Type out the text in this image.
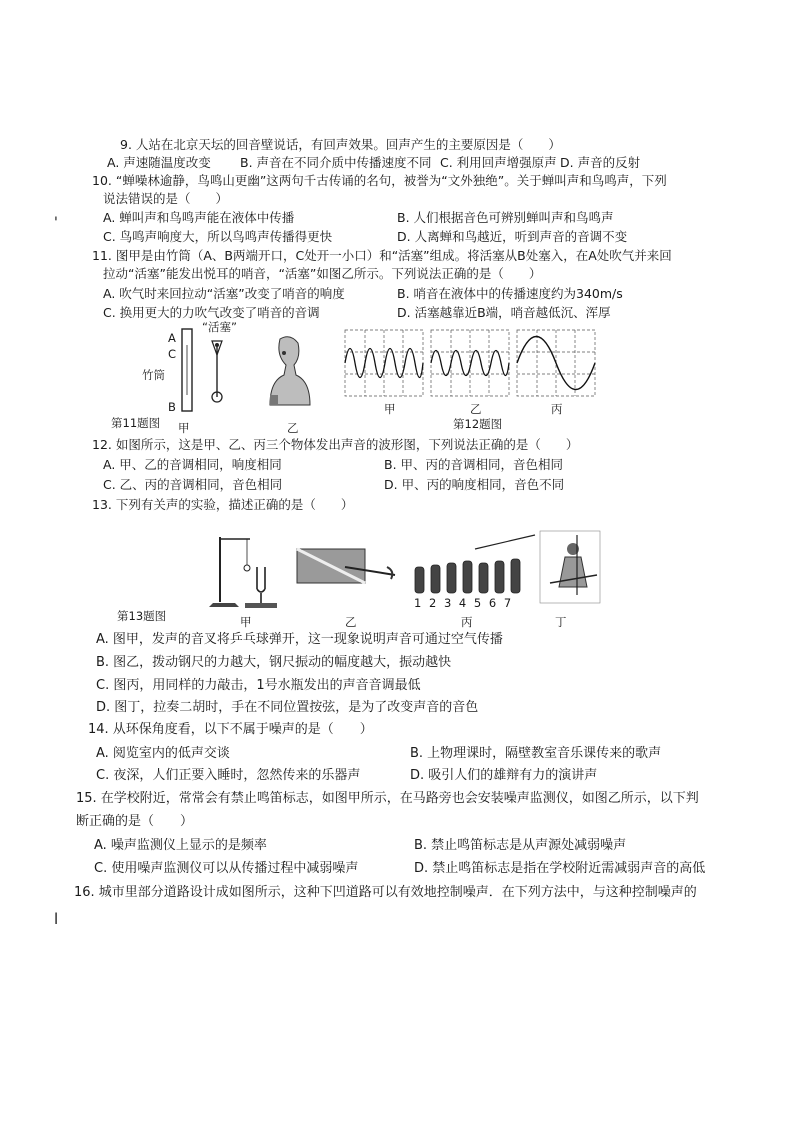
9. 人站在北京天坛的回音壁说话，有回声效果。回声产生的主要原因是（　　）
A. 声速随温度改变 B. 声音在不同介质中传播速度不同 C. 利用回声增强原声 D. 声音的反射
10. “蝉噪林逾静，鸟鸣山更幽”这两句千古传诵的名句，被誉为“文外独绝”。关于蝉叫声和鸟鸣声，下列
说法错误的是（　　）
A. 蝉叫声和鸟鸣声能在液体中传播	B. 人们根据音色可辨别蝉叫声和鸟鸣声
C. 鸟鸣声响度大，所以鸟鸣声传播得更快	D. 人离蝉和鸟越近，听到声音的音调不变
'
11. 图甲是由竹筒（A、B两端开口，C处开一小口）和“活塞”组成。将活塞从B处塞入，在A处吹气并来回
拉动“活塞”能发出悦耳的哨音，“活塞”如图乙所示。下列说法正确的是（　　）
A. 吹气时来回拉动“活塞”改变了哨音的响度	B. 哨音在液体中的传播速度约为340m/s
C. 换用更大的力吹气改变了哨音的音调	D. 活塞越靠近B端，哨音越低沉、浑厚
A
C
竹筒
B
“活塞”
第11题图 甲	乙
甲	乙	丙
第12题图
12. 如图所示，这是甲、乙、丙三个物体发出声音的波形图，下列说法正确的是（　　）
A. 甲、乙的音调相同，响度相同	B. 甲、丙的音调相同，音色相同
C. 乙、丙的音调相同，音色相同	D. 甲、丙的响度相同，音色不同
13. 下列有关声的实验，描述正确的是（　　）
1 2 3 4 5 6 7
第13题图	甲	乙	丙	丁
A. 图甲，发声的音叉将乒乓球弹开，这一现象说明声音可通过空气传播
B. 图乙，拨动钢尺的力越大，钢尺振动的幅度越大，振动越快
C. 图丙，用同样的力敲击，1号水瓶发出的声音音调最低
D. 图丁，拉奏二胡时，手在不同位置按弦，是为了改变声音的音色
14. 从环保角度看，以下不属于噪声的是（　　）
A. 阅览室内的低声交谈	B. 上物理课时，隔壁教室音乐课传来的歌声
C. 夜深，人们正要入睡时，忽然传来的乐器声	D. 吸引人们的雄辩有力的演讲声
15. 在学校附近，常常会有禁止鸣笛标志，如图甲所示，在马路旁也会安装噪声监测仪，如图乙所示，以下判
断正确的是（　　）
A. 噪声监测仪上显示的是频率	B. 禁止鸣笛标志是从声源处减弱噪声
C. 使用噪声监测仪可以从传播过程中减弱噪声	D. 禁止鸣笛标志是指在学校附近需减弱声音的高低
16. 城市里部分道路设计成如图所示，这种下凹道路可以有效地控制噪声．在下列方法中，与这种控制噪声的
l
